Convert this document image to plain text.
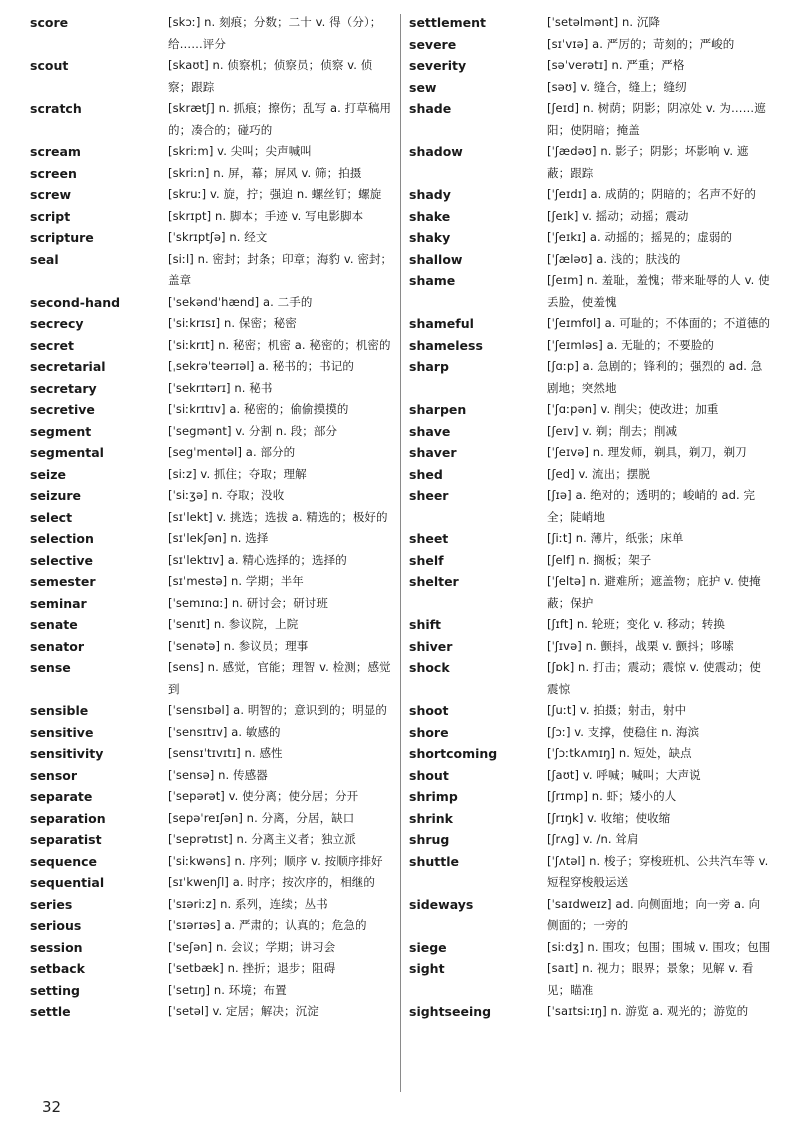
score	[skɔː] n. 刻痕；分数；二十 v. 得（分）；给……评分
scout	[skaʊt] n. 侦察机；侦察员；侦察 v. 侦察；跟踪
scratch	[skrætʃ] n. 抓痕；擦伤；乱写 a. 打草稿用的；凑合的；碰巧的
scream	[skriːm] v. 尖叫；尖声喊叫
screen	[skriːn] n. 屏，幕；屏风 v. 筛；拍摄
screw	[skruː] v. 旋，拧；强迫 n. 螺丝钉；螺旋
script	[skrɪpt] n. 脚本；手迹 v. 写电影脚本
scripture	[ˈskrɪptʃə] n. 经文
seal	[siːl] n. 密封；封条；印章；海豹 v. 密封；盖章
second-hand	[ˈsekəndˈhænd] a. 二手的
secrecy	[ˈsiːkrɪsɪ] n. 保密；秘密
secret	[ˈsiːkrɪt] n. 秘密；机密 a. 秘密的；机密的
secretarial	[ˌsekrəˈteərɪəl] a. 秘书的；书记的
secretary	[ˈsekrɪtərɪ] n. 秘书
secretive	[ˈsiːkrɪtɪv] a. 秘密的；偷偷摸摸的
segment	[ˈsegmənt] v. 分割 n. 段；部分
segmental	[segˈmentəl] a. 部分的
seize	[siːz] v. 抓住；夺取；理解
seizure	[ˈsiːʒə] n. 夺取；没收
select	[sɪˈlekt] v. 挑选；选拔 a. 精选的；极好的
selection	[sɪˈlekʃən] n. 选择
selective	[sɪˈlektɪv] a. 精心选择的；选择的
semester	[sɪˈmestə] n. 学期；半年
seminar	[ˈsemɪnɑː] n. 研讨会；研讨班
senate	[ˈsenɪt] n. 参议院，上院
senator	[ˈsenətə] n. 参议员；理事
sense	[sens] n. 感觉，官能；理智 v. 检测；感觉到
sensible	[ˈsensɪbəl] a. 明智的；意识到的；明显的
sensitive	[ˈsensɪtɪv] a. 敏感的
sensitivity	[sensɪˈtɪvɪtɪ] n. 感性
sensor	[ˈsensə] n. 传感器
separate	[ˈsepərət] v. 使分离；使分居；分开
separation	[sepəˈreɪʃən] n. 分离，分居，缺口
separatist	[ˈseprətɪst] n. 分离主义者；独立派
sequence	[ˈsiːkwəns] n. 序列；顺序 v. 按顺序排好
sequential	[sɪˈkwenʃl] a. 时序；按次序的，相继的
series	[ˈsɪəriːz] n. 系列，连续；丛书
serious	[ˈsɪərɪəs] a. 严肃的；认真的；危急的
session	[ˈseʃən] n. 会议；学期；讲习会
setback	[ˈsetbæk] n. 挫折；退步；阻碍
setting	[ˈsetɪŋ] n. 环境；布置
settle	[ˈsetəl] v. 定居；解决；沉淀
settlement	[ˈsetəlmənt] n. 沉降
severe	[sɪˈvɪə] a. 严厉的；苛刻的；严峻的
severity	[səˈverətɪ] n. 严重；严格
sew	[səʊ] v. 缝合，缝上；缝纫
shade	[ʃeɪd] n. 树荫；阴影；阴凉处 v. 为……遮阳；使阴暗；掩盖
shadow	[ˈʃædəʊ] n. 影子；阴影；坏影响 v. 遮蔽；跟踪
shady	[ˈʃeɪdɪ] a. 成荫的；阴暗的；名声不好的
shake	[ʃeɪk] v. 摇动；动摇；震动
shaky	[ˈʃeɪkɪ] a. 动摇的；摇晃的；虚弱的
shallow	[ˈʃæləʊ] a. 浅的；肤浅的
shame	[ʃeɪm] n. 羞耻，羞愧；带来耻辱的人 v. 使丢脸，使羞愧
shameful	[ˈʃeɪmfʊl] a. 可耻的；不体面的；不道德的
shameless	[ˈʃeɪmləs] a. 无耻的；不要脸的
sharp	[ʃɑːp] a. 急剧的；锋利的；强烈的 ad. 急剧地；突然地
sharpen	[ˈʃɑːpən] v. 削尖；使改进；加重
shave	[ʃeɪv] v. 剃；削去；削减
shaver	[ˈʃeɪvə] n. 理发师，剃具，剃刀，剃刀
shed	[ʃed] v. 流出；摆脱
sheer	[ʃɪə] a. 绝对的；透明的；峻峭的 ad. 完全；陡峭地
sheet	[ʃiːt] n. 薄片，纸张；床单
shelf	[ʃelf] n. 搁板；架子
shelter	[ˈʃeltə] n. 避难所；遮盖物；庇护 v. 使掩蔽；保护
shift	[ʃɪft] n. 轮班；变化 v. 移动；转换
shiver	[ˈʃɪvə] n. 颤抖，战栗 v. 颤抖；哆嗦
shock	[ʃɒk] n. 打击；震动；震惊 v. 使震动；使震惊
shoot	[ʃuːt] v. 拍摄；射击，射中
shore	[ʃɔː] v. 支撑，使稳住 n. 海滨
shortcoming	[ˈʃɔːtkʌmɪŋ] n. 短处，缺点
shout	[ʃaʊt] v. 呼喊；喊叫；大声说
shrimp	[ʃrɪmp] n. 虾；矮小的人
shrink	[ʃrɪŋk] v. 收缩；使收缩
shrug	[ʃrʌg] v. /n. 耸肩
shuttle	[ˈʃʌtəl] n. 梭子；穿梭班机、公共汽车等 v. 短程穿梭般运送
sideways	[ˈsaɪdweɪz] ad. 向侧面地；向一旁 a. 向侧面的；一旁的
siege	[siːdʒ] n. 围攻；包围；围城 v. 围攻；包围
sight	[saɪt] n. 视力；眼界；景象；见解 v. 看见；瞄准
sightseeing	[ˈsaɪtsiːɪŋ] n. 游览 a. 观光的；游览的
32
